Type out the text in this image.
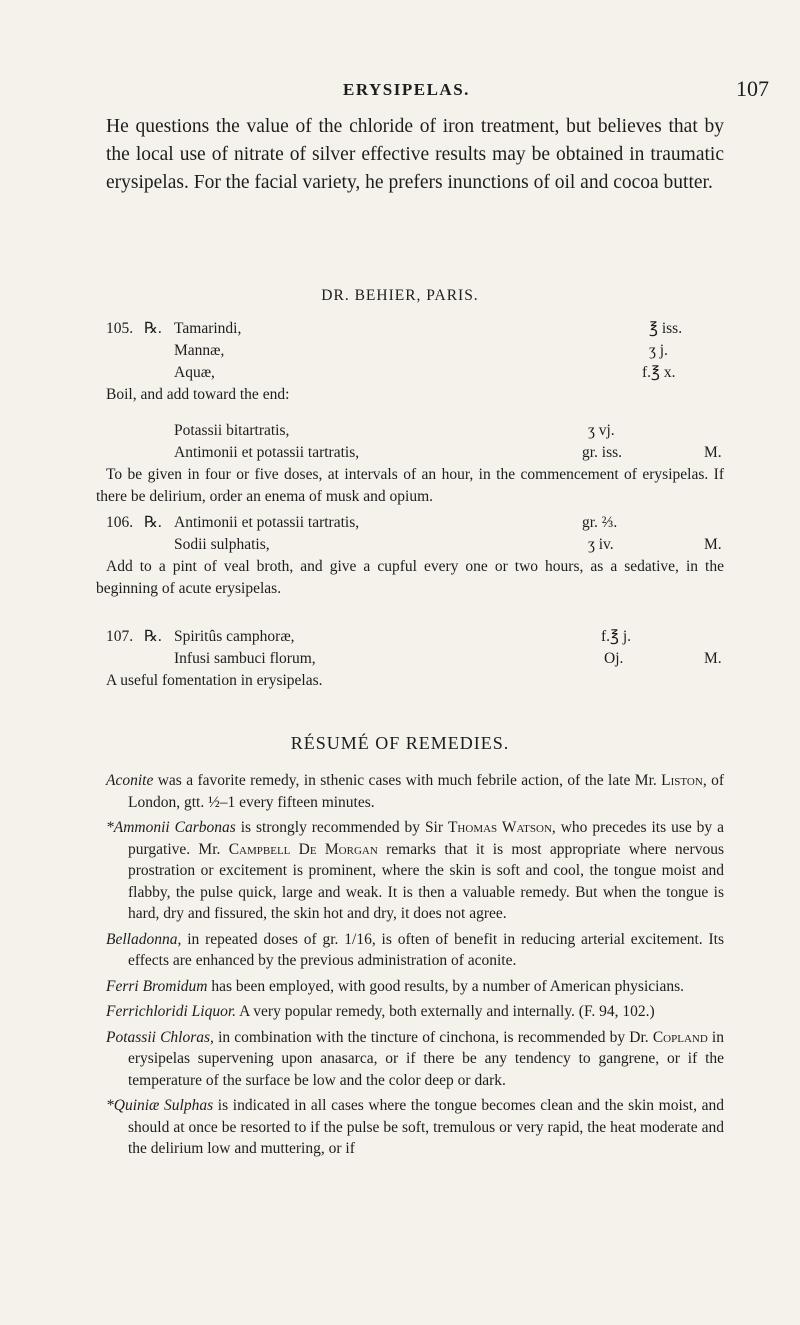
ERYSIPELAS.	107

He questions the value of the chloride of iron treatment, but believes that by the local use of nitrate of silver effective results may be obtained in traumatic erysipelas. For the facial variety, he prefers inunctions of oil and cocoa butter.

DR. BEHIER, PARIS.
105. ℞. Tamarindi,	℥ iss.
Mannæ,	ʒ j.
Aquæ,	f.℥ x.
Boil, and add toward the end:
Potassii bitartratis,	ʒ vj.
Antimonii et potassii tartratis,	gr. iss.	M.
To be given in four or five doses, at intervals of an hour, in the commencement of erysipelas. If there be delirium, order an enema of musk and opium.
106. ℞. Antimonii et potassii tartratis,	gr. ⅔.
Sodii sulphatis,	ʒ iv.	M.
Add to a pint of veal broth, and give a cupful every one or two hours, as a sedative, in the beginning of acute erysipelas.
107. ℞. Spiritûs camphoræ,	f.℥ j.
Infusi sambuci florum,	Oj.	M.
A useful fomentation in erysipelas.
RÉSUMÉ OF REMEDIES.
Aconite was a favorite remedy, in sthenic cases with much febrile action, of the late Mr. Liston, of London, gtt. ½–1 every fifteen minutes.
*Ammonii Carbonas is strongly recommended by Sir Thomas Watson, who precedes its use by a purgative. Mr. Campbell De Morgan remarks that it is most appropriate where nervous prostration or excitement is prominent, where the skin is soft and cool, the tongue moist and flabby, the pulse quick, large and weak. It is then a valuable remedy. But when the tongue is hard, dry and fissured, the skin hot and dry, it does not agree.
Belladonna, in repeated doses of gr. 1/16, is often of benefit in reducing arterial excitement. Its effects are enhanced by the previous administration of aconite.
Ferri Bromidum has been employed, with good results, by a number of American physicians.
Ferrichloridi Liquor. A very popular remedy, both externally and internally. (F. 94, 102.)
Potassii Chloras, in combination with the tincture of cinchona, is recommended by Dr. Copland in erysipelas supervening upon anasarca, or if there be any tendency to gangrene, or if the temperature of the surface be low and the color deep or dark.
*Quiniæ Sulphas is indicated in all cases where the tongue becomes clean and the skin moist, and should at once be resorted to if the pulse be soft, tremulous or very rapid, the heat moderate and the delirium low and muttering, or if
